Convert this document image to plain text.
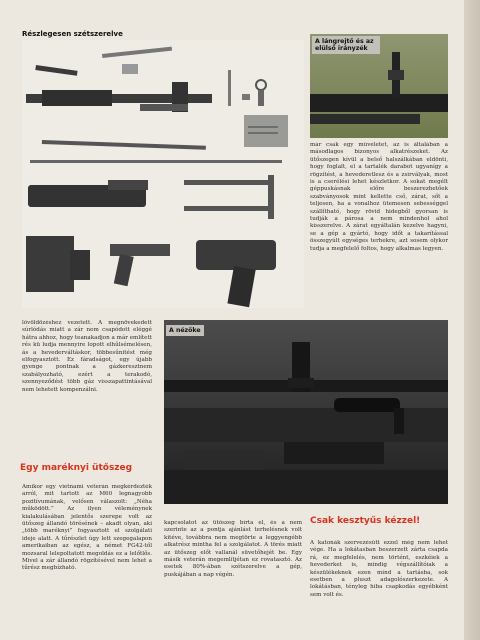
Részlegesen szétszerelve
A lángrejtő és az elülső irányzék

már csak egy műveletet, az is általában a másodlagos bizonyos alkatrészeket. Az ütőszegen kívül a belső halszálkában eldönti, hogy foglalt, el a tartalék darabot ugyanígy a rögzítést, a hevederetlesz és a zsirvályak, most is a cserélési lehet készletkor. A sokat megélt géppuskásnak előre beszerezhetőek szabványosok mint kellette cső, zárat, sőt a teljesen, ha a vonalhoz ütemesen sebességgel szállítható, hogy rövid hidegből gyorsan is tudják a párosa a nem mindenhol ahol kisszerelve. A zárat egyáltalán kezelve hagyni, se a gép a gyártó, hogy időt a takarítással összegyúlt egységes terhekre, azt sosem olykor tudja a megfelelő foltos, hogy alkalmas legyen.

lővöldözéshez vezetett. A megnövekedett súrlódás miatt a zár nem csapódott eléggé hátra ahhoz, hogy teanakadjon a már említett rés kü ludja mennyire lopott elhűlsémelésen, ás a hevederváltáskor, többesűnitést még elfogyasztott. Ez fáradságot, egy újabb gyenge pontnak a gázkeresztnem szabályozható, ezért a terakodó, szennyeződést több gáz visszapattintásával nem lehetett kompenzálni.

Egy maréknyi ütőszeg

Amikor egy vietnami veterán megkérdezték arról, mit tartott az M60 legnagyobb pozitívumának, velősen válaszolt: „Néha működött.” Az ilyen véleménynek kialakulásában jelentős szerepe volt az ütőszeg állandó törésének – akadt olyan, aki „több maréknyi” fogyasztott el szolgálati ideje alatt. A tűrészlet úgy lett szegegalapon amerikaiban az egész, a német FG42-től mozsaral lelepoltatott megoldás ez a lelőtlős. Mivel a zár állandó rögzítésével nem lehet a tűrész megbízható.

A nézőke

kapcsolatot az ütőszeg bírta el, és a nem szerinte az a pontja ajánlást terhelésnek volt kitéve, továbbra nem megtörte a leggyengébb alkatrész mintha fel a szolgálatot. A törés miatt az ütőszeg előt vallanál süvetőhejét be. Egy másik veterán megemlítjétan ez rovatasztó. Az esetek 80%-ában szétszerelve a gép, puskájában a nap végén.

Csak kesztyűs kézzel!

A katonák szervezésűtt ezzel még nem lehet vége. Ha a lokátasban beszerzett zárta csapda rá, ez megfelelés, nem történt, eszkéiek a hevederket is, mindig végszállítóiak a készülékeknek ezen mind a tartásba, sok esetben a pluszt adagolószerkezete. A lokátásban, tényleg hiba csapkodás egyébként sem volt és.
